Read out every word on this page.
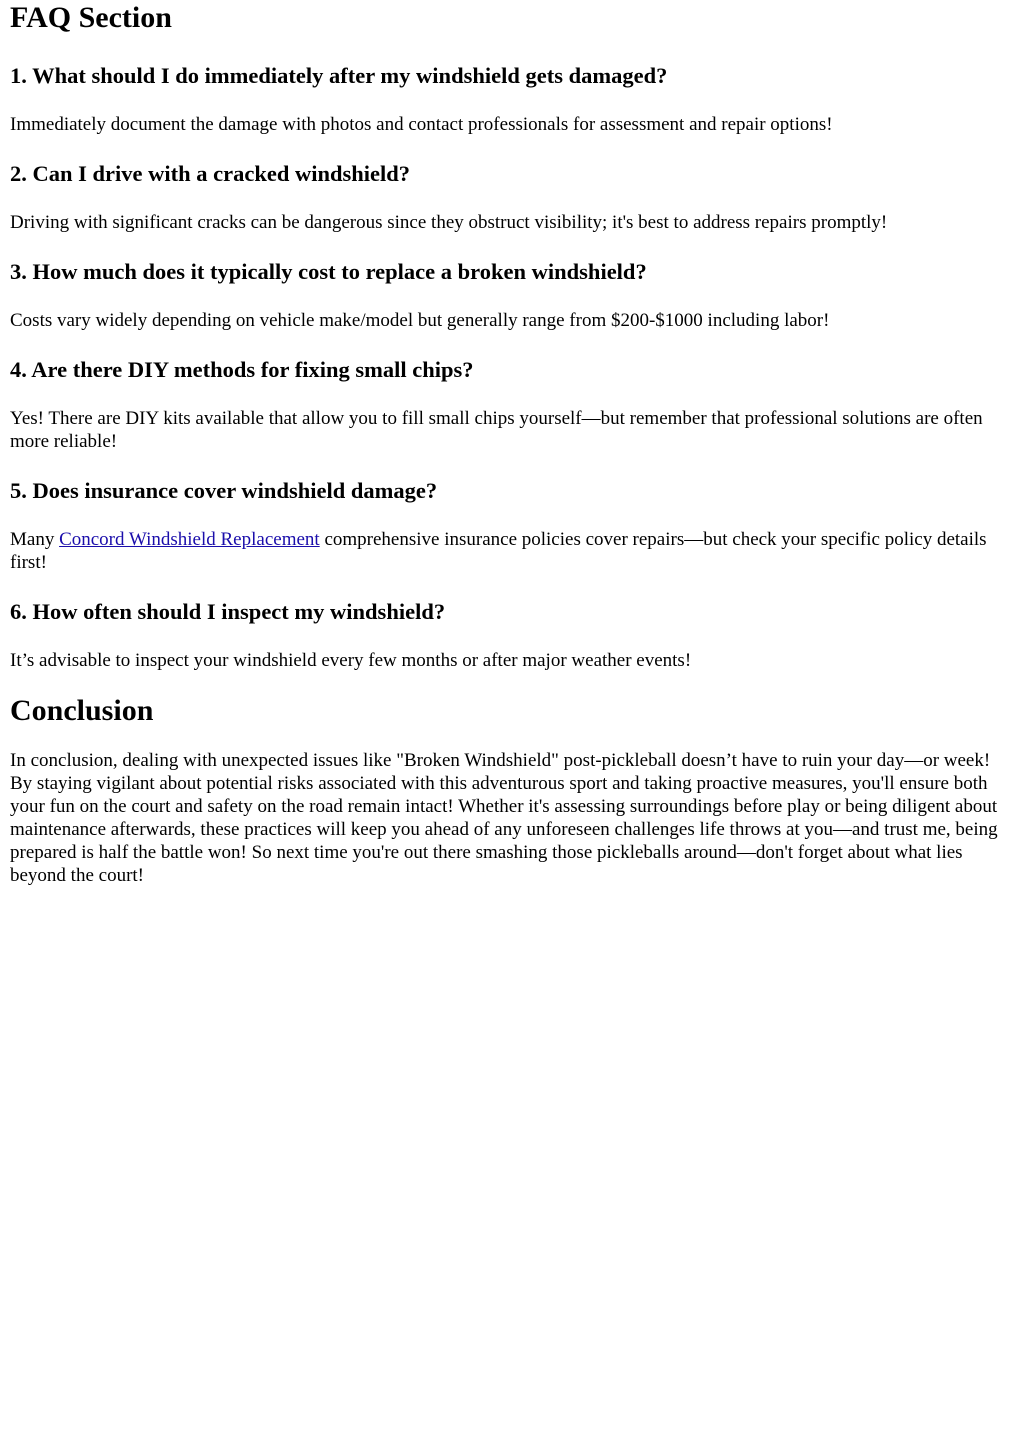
FAQ Section
1. What should I do immediately after my windshield gets damaged?

Immediately document the damage with photos and contact professionals for assessment and repair options!

2. Can I drive with a cracked windshield?

Driving with significant cracks can be dangerous since they obstruct visibility; it's best to address repairs promptly!

3. How much does it typically cost to replace a broken windshield?

Costs vary widely depending on vehicle make/model but generally range from $200-$1000 including labor!

4. Are there DIY methods for fixing small chips?

Yes! There are DIY kits available that allow you to fill small chips yourself—but remember that professional solutions are often more reliable!

5. Does insurance cover windshield damage?

Many Concord Windshield Replacement comprehensive insurance policies cover repairs—but check your specific policy details first!

6. How often should I inspect my windshield?

It’s advisable to inspect your windshield every few months or after major weather events!

Conclusion

In conclusion, dealing with unexpected issues like "Broken Windshield" post-pickleball doesn’t have to ruin your day—or week! By staying vigilant about potential risks associated with this adventurous sport and taking proactive measures, you'll ensure both your fun on the court and safety on the road remain intact! Whether it's assessing surroundings before play or being diligent about maintenance afterwards, these practices will keep you ahead of any unforeseen challenges life throws at you—and trust me, being prepared is half the battle won! So next time you're out there smashing those pickleballs around—don't forget about what lies beyond the court!
